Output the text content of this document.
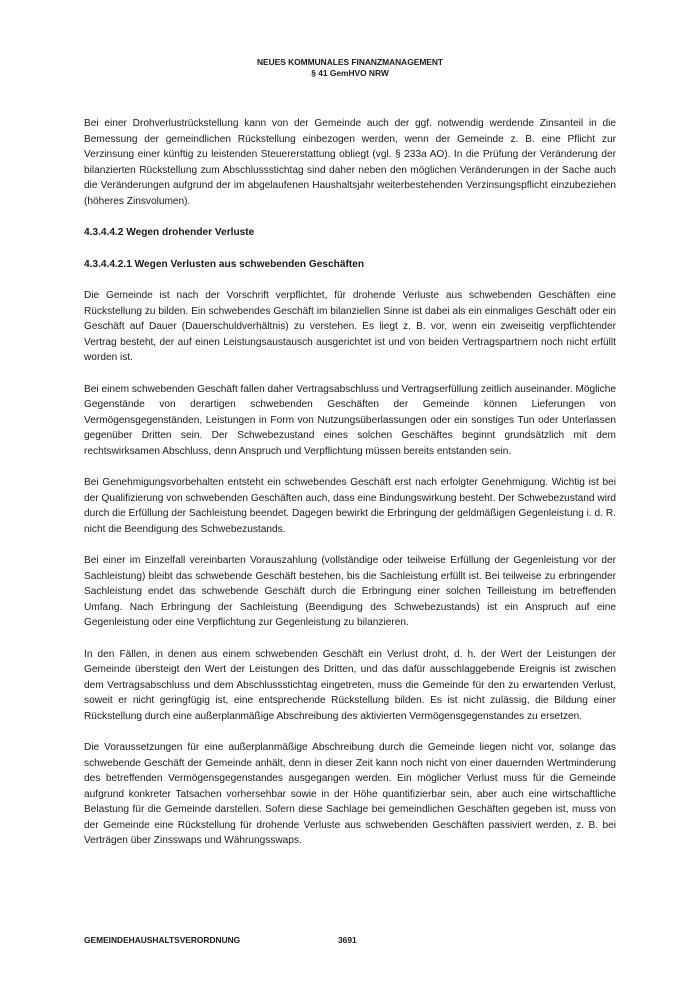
NEUES KOMMUNALES FINANZMANAGEMENT
§ 41 GemHVO NRW

Bei einer Drohverlustrückstellung kann von der Gemeinde auch der ggf. notwendig werdende Zinsanteil in die Bemessung der gemeindlichen Rückstellung einbezogen werden, wenn der Gemeinde z. B. eine Pflicht zur Verzinsung einer künftig zu leistenden Steuererstattung obliegt (vgl. § 233a AO). In die Prüfung der Veränderung der bilanzierten Rückstellung zum Abschlussstichtag sind daher neben den möglichen Veränderungen in der Sache auch die Veränderungen aufgrund der im abgelaufenen Haushaltsjahr weiterbestehenden Verzinsungspflicht einzubeziehen (höheres Zinsvolumen).

4.3.4.4.2 Wegen drohender Verluste
4.3.4.4.2.1 Wegen Verlusten aus schwebenden Geschäften

Die Gemeinde ist nach der Vorschrift verpflichtet, für drohende Verluste aus schwebenden Geschäften eine Rückstellung zu bilden. Ein schwebendes Geschäft im bilanziellen Sinne ist dabei als ein einmaliges Geschäft oder ein Geschäft auf Dauer (Dauerschuldverhältnis) zu verstehen. Es liegt z. B. vor, wenn ein zweiseitig verpflichtender Vertrag besteht, der auf einen Leistungsaustausch ausgerichtet ist und von beiden Vertragspartnern noch nicht erfüllt worden ist.

Bei einem schwebenden Geschäft fallen daher Vertragsabschluss und Vertragserfüllung zeitlich auseinander. Mögliche Gegenstände von derartigen schwebenden Geschäften der Gemeinde können Lieferungen von Vermögensgegenständen, Leistungen in Form von Nutzungsüberlassungen oder ein sonstiges Tun oder Unterlassen gegenüber Dritten sein. Der Schwebezustand eines solchen Geschäftes beginnt grundsätzlich mit dem rechtswirksamen Abschluss, denn Anspruch und Verpflichtung müssen bereits entstanden sein.

Bei Genehmigungsvorbehalten entsteht ein schwebendes Geschäft erst nach erfolgter Genehmigung. Wichtig ist bei der Qualifizierung von schwebenden Geschäften auch, dass eine Bindungswirkung besteht. Der Schwebezustand wird durch die Erfüllung der Sachleistung beendet. Dagegen bewirkt die Erbringung der geldmäßigen Gegenleistung i. d. R. nicht die Beendigung des Schwebezustands.

Bei einer im Einzelfall vereinbarten Vorauszahlung (vollständige oder teilweise Erfüllung der Gegenleistung vor der Sachleistung) bleibt das schwebende Geschäft bestehen, bis die Sachleistung erfüllt ist. Bei teilweise zu erbringender Sachleistung endet das schwebende Geschäft durch die Erbringung einer solchen Teilleistung im betreffenden Umfang. Nach Erbringung der Sachleistung (Beendigung des Schwebezustands) ist ein Anspruch auf eine Gegenleistung oder eine Verpflichtung zur Gegenleistung zu bilanzieren.

In den Fällen, in denen aus einem schwebenden Geschäft ein Verlust droht, d. h. der Wert der Leistungen der Gemeinde übersteigt den Wert der Leistungen des Dritten, und das dafür ausschlaggebende Ereignis ist zwischen dem Vertragsabschluss und dem Abschlussstichtag eingetreten, muss die Gemeinde für den zu erwartenden Verlust, soweit er nicht geringfügig ist, eine entsprechende Rückstellung bilden. Es ist nicht zulässig, die Bildung einer Rückstellung durch eine außerplanmäßige Abschreibung des aktivierten Vermögensgegenstandes zu ersetzen.

Die Voraussetzungen für eine außerplanmäßige Abschreibung durch die Gemeinde liegen nicht vor, solange das schwebende Geschäft der Gemeinde anhält, denn in dieser Zeit kann noch nicht von einer dauernden Wertminderung des betreffenden Vermögensgegenstandes ausgegangen werden. Ein möglicher Verlust muss für die Gemeinde aufgrund konkreter Tatsachen vorhersehbar sowie in der Höhe quantifizierbar sein, aber auch eine wirtschaftliche Belastung für die Gemeinde darstellen. Sofern diese Sachlage bei gemeindlichen Geschäften gegeben ist, muss von der Gemeinde eine Rückstellung für drohende Verluste aus schwebenden Geschäften passiviert werden, z. B. bei Verträgen über Zinsswaps und Währungsswaps.

GEMEINDEHAUSHALTSVERORDNUNG	3691
